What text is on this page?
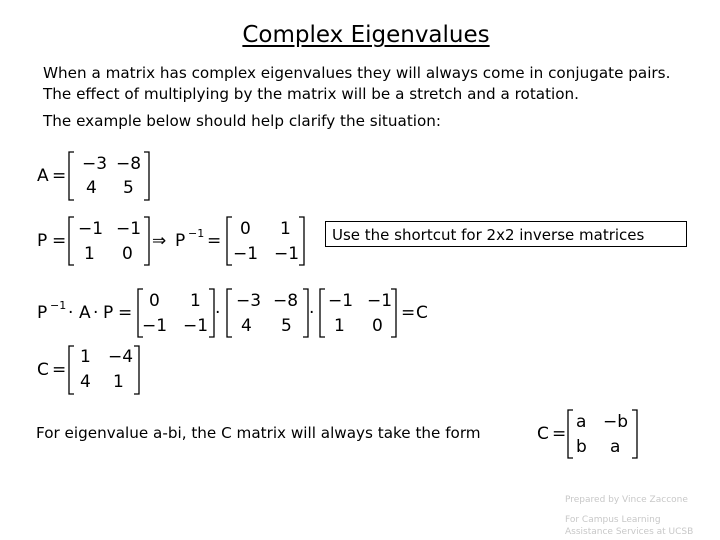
Complex Eigenvalues
When a matrix has complex eigenvalues they will always come in conjugate pairs. The effect of multiplying by the matrix will be a stretch and a rotation.
The example below should help clarify the situation:
A =
−3 −8
4 5
P =
−1 −1
1 0
⇒ P −1 =
0 1
−1 −1
P −1 · A · P =
0 1
−1 −1
·
−3 −8
4 5
·
−1 −1
1 0
= C
C =
1 −4
4 1
C =
a −b
b a
Use the shortcut for 2x2 inverse matrices
For eigenvalue a-bi, the C matrix will always take the form
Prepared by Vince Zaccone
For Campus Learning
Assistance Services at UCSB
